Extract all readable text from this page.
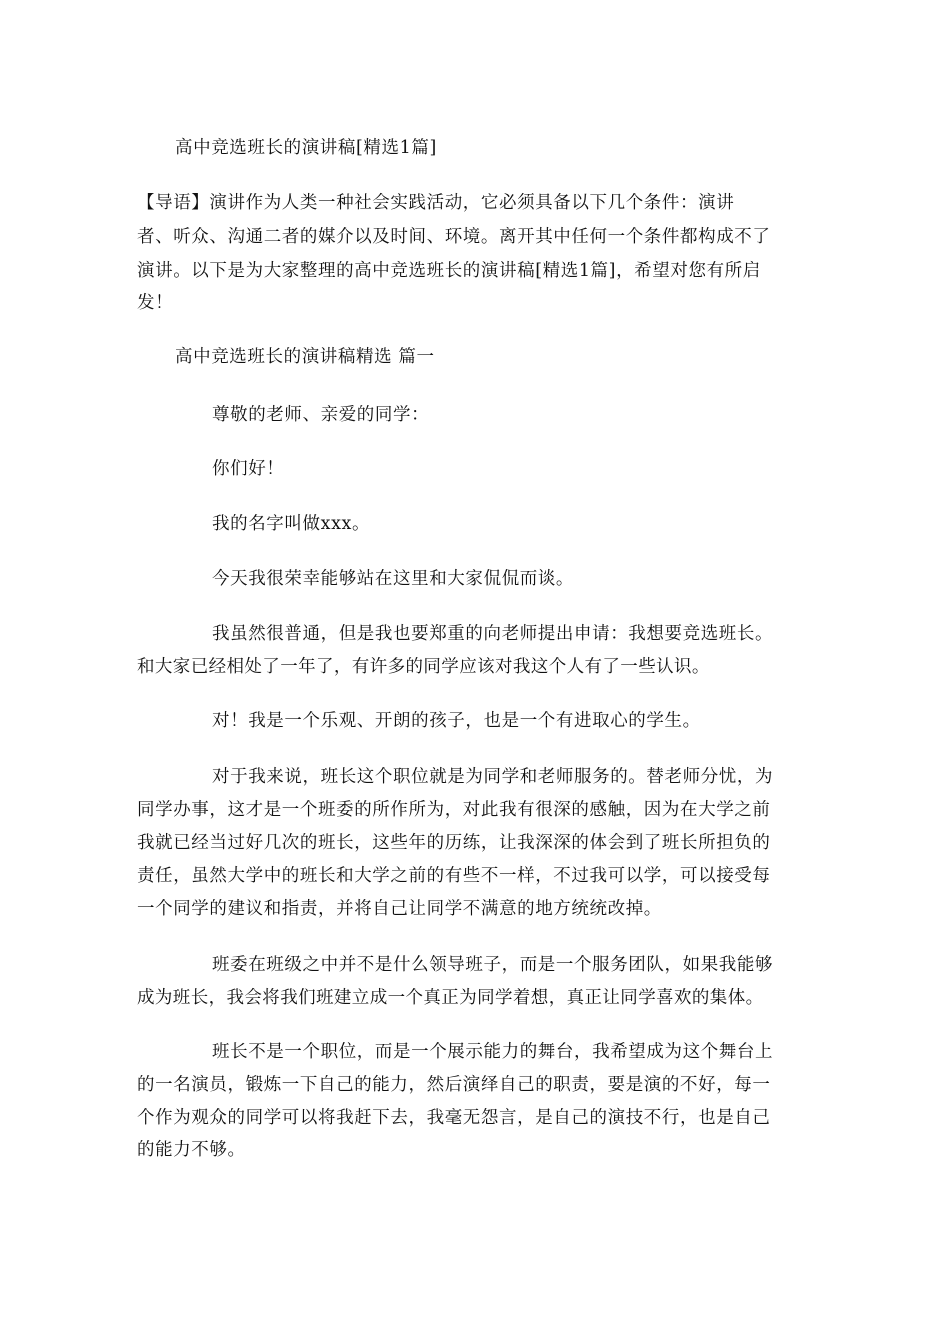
高中竞选班长的演讲稿[精选1篇]
【导语】演讲作为人类一种社会实践活动，它必须具备以下几个条件：演讲
者、听众、沟通二者的媒介以及时间、环境。离开其中任何一个条件都构成不了
演讲。以下是为大家整理的高中竞选班长的演讲稿[精选1篇]，希望对您有所启
发！
高中竞选班长的演讲稿精选 篇一
尊敬的老师、亲爱的同学：
你们好！
我的名字叫做xxx。
今天我很荣幸能够站在这里和大家侃侃而谈。
我虽然很普通，但是我也要郑重的向老师提出申请：我想要竞选班长。
和大家已经相处了一年了，有许多的同学应该对我这个人有了一些认识。
对！我是一个乐观、开朗的孩子，也是一个有进取心的学生。
对于我来说，班长这个职位就是为同学和老师服务的。替老师分忧，为
同学办事，这才是一个班委的所作所为，对此我有很深的感触，因为在大学之前
我就已经当过好几次的班长，这些年的历练，让我深深的体会到了班长所担负的
责任，虽然大学中的班长和大学之前的有些不一样，不过我可以学，可以接受每
一个同学的建议和指责，并将自己让同学不满意的地方统统改掉。
班委在班级之中并不是什么领导班子，而是一个服务团队，如果我能够
成为班长，我会将我们班建立成一个真正为同学着想，真正让同学喜欢的集体。
班长不是一个职位，而是一个展示能力的舞台，我希望成为这个舞台上
的一名演员，锻炼一下自己的能力，然后演绎自己的职责，要是演的不好，每一
个作为观众的同学可以将我赶下去，我毫无怨言，是自己的演技不行，也是自己
的能力不够。
